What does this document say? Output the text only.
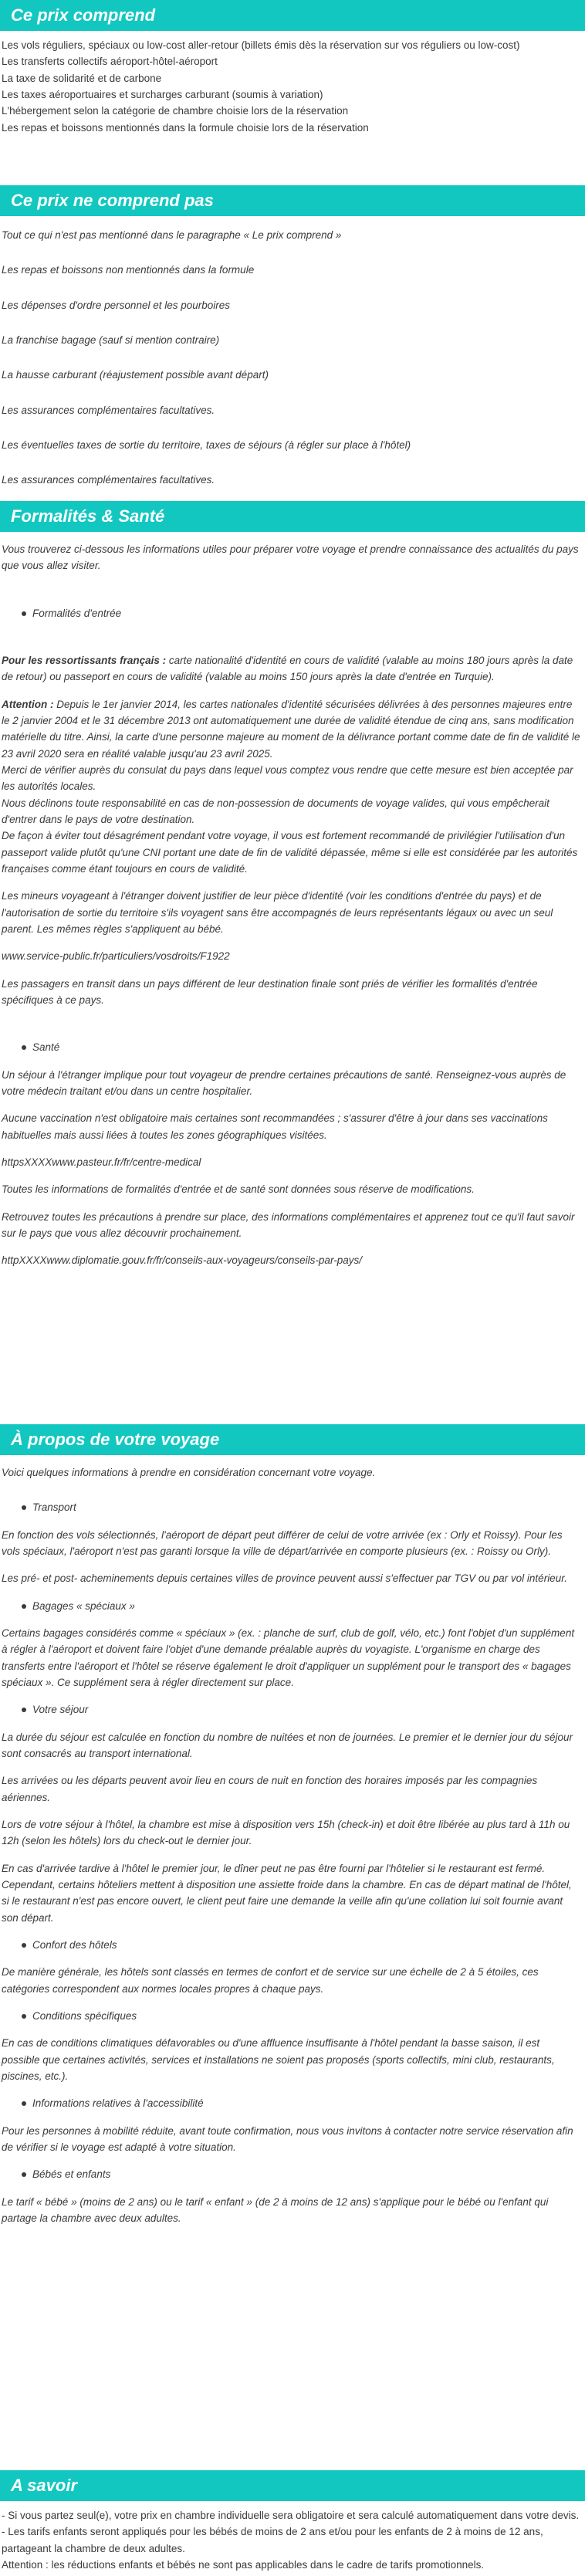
Ce prix comprend

Les vols réguliers, spéciaux ou low-cost aller-retour (billets émis dès la réservation sur vos réguliers ou low-cost)

Les transferts collectifs aéroport-hôtel-aéroport

La taxe de solidarité et de carbone

Les taxes aéroportuaires et surcharges carburant (soumis à variation)

L'hébergement selon la catégorie de chambre choisie lors de la réservation

Les repas et boissons mentionnés dans la formule choisie lors de la réservation

Ce prix ne comprend pas

Tout ce qui n'est pas mentionné dans le paragraphe « Le prix comprend »

Les repas et boissons non mentionnés dans la formule

Les dépenses d'ordre personnel et les pourboires

La franchise bagage (sauf si mention contraire)

La hausse carburant (réajustement possible avant départ)

Les assurances complémentaires facultatives.

Les éventuelles taxes de sortie du territoire, taxes de séjours (à régler sur place à l'hôtel)

Les assurances complémentaires facultatives.

Formalités & Santé

Vous trouverez ci-dessous les informations utiles pour préparer votre voyage et prendre connaissance des actualités du pays que vous allez visiter.

Formalités d'entrée

Pour les ressortissants français : carte nationalité d'identité en cours de validité (valable au moins 180 jours après la date de retour) ou passeport en cours de validité (valable au moins 150 jours après la date d'entrée en Turquie).

Attention : Depuis le 1er janvier 2014, les cartes nationales d'identité sécurisées délivrées à des personnes majeures entre le 2 janvier 2004 et le 31 décembre 2013 ont automatiquement une durée de validité étendue de cinq ans, sans modification matérielle du titre. Ainsi, la carte d'une personne majeure au moment de la délivrance portant comme date de fin de validité le 23 avril 2020 sera en réalité valable jusqu'au 23 avril 2025.

Merci de vérifier auprès du consulat du pays dans lequel vous comptez vous rendre que cette mesure est bien acceptée par les autorités locales.

Nous déclinons toute responsabilité en cas de non-possession de documents de voyage valides, qui vous empêcherait d'entrer dans le pays de votre destination.

De façon à éviter tout désagrément pendant votre voyage, il vous est fortement recommandé de privilégier l'utilisation d'un passeport valide plutôt qu'une CNI portant une date de fin de validité dépassée, même si elle est considérée par les autorités françaises comme étant toujours en cours de validité.

Les mineurs voyageant à l'étranger doivent justifier de leur pièce d'identité (voir les conditions d'entrée du pays) et de l'autorisation de sortie du territoire s'ils voyagent sans être accompagnés de leurs représentants légaux ou avec un seul parent. Les mêmes règles s'appliquent au bébé.

www.service-public.fr/particuliers/vosdroits/F1922

Les passagers en transit dans un pays différent de leur destination finale sont priés de vérifier les formalités d'entrée spécifiques à ce pays.

Santé

Un séjour à l'étranger implique pour tout voyageur de prendre certaines précautions de santé. Renseignez-vous auprès de votre médecin traitant et/ou dans un centre hospitalier.

Aucune vaccination n'est obligatoire mais certaines sont recommandées ; s'assurer d'être à jour dans ses vaccinations habituelles mais aussi liées à toutes les zones géographiques visitées.

httpsXXXXwww.pasteur.fr/fr/centre-medical

Toutes les informations de formalités d'entrée et de santé sont données sous réserve de modifications.

Retrouvez toutes les précautions à prendre sur place, des informations complémentaires et apprenez tout ce qu'il faut savoir sur le pays que vous allez découvrir prochainement.

httpXXXXwww.diplomatie.gouv.fr/fr/conseils-aux-voyageurs/conseils-par-pays/

À propos de votre voyage

Voici quelques informations à prendre en considération concernant votre voyage.

Transport

En fonction des vols sélectionnés, l'aéroport de départ peut différer de celui de votre arrivée (ex : Orly et Roissy). Pour les vols spéciaux, l'aéroport n'est pas garanti lorsque la ville de départ/arrivée en comporte plusieurs (ex. : Roissy ou Orly).

Les pré- et post- acheminements depuis certaines villes de province peuvent aussi s'effectuer par TGV ou par vol intérieur.

Bagages « spéciaux »

Certains bagages considérés comme « spéciaux » (ex. : planche de surf, club de golf, vélo, etc.) font l'objet d'un supplément à régler à l'aéroport et doivent faire l'objet d'une demande préalable auprès du voyagiste. L'organisme en charge des transferts entre l'aéroport et l'hôtel se réserve également le droit d'appliquer un supplément pour le transport des « bagages spéciaux ». Ce supplément sera à régler directement sur place.

Votre séjour

La durée du séjour est calculée en fonction du nombre de nuitées et non de journées. Le premier et le dernier jour du séjour sont consacrés au transport international.

Les arrivées ou les départs peuvent avoir lieu en cours de nuit en fonction des horaires imposés par les compagnies aériennes.

Lors de votre séjour à l'hôtel, la chambre est mise à disposition vers 15h (check-in) et doit être libérée au plus tard à 11h ou 12h (selon les hôtels) lors du check-out le dernier jour.

En cas d'arrivée tardive à l'hôtel le premier jour, le dîner peut ne pas être fourni par l'hôtelier si le restaurant est fermé. Cependant, certains hôteliers mettent à disposition une assiette froide dans la chambre. En cas de départ matinal de l'hôtel, si le restaurant n'est pas encore ouvert, le client peut faire une demande la veille afin qu'une collation lui soit fournie avant son départ.

Confort des hôtels

De manière générale, les hôtels sont classés en termes de confort et de service sur une échelle de 2 à 5 étoiles, ces catégories correspondent aux normes locales propres à chaque pays.

Conditions spécifiques

En cas de conditions climatiques défavorables ou d'une affluence insuffisante à l'hôtel pendant la basse saison, il est possible que certaines activités, services et installations ne soient pas proposés (sports collectifs, mini club, restaurants, piscines, etc.).

Informations relatives à l'accessibilité

Pour les personnes à mobilité réduite, avant toute confirmation, nous vous invitons à contacter notre service réservation afin de vérifier si le voyage est adapté à votre situation.

Bébés et enfants

Le tarif « bébé » (moins de 2 ans) ou le tarif « enfant » (de 2 à moins de 12 ans) s'applique pour le bébé ou l'enfant qui partage la chambre avec deux adultes.

A savoir

- Si vous partez seul(e), votre prix en chambre individuelle sera obligatoire et sera calculé automatiquement dans votre devis.

- Les tarifs enfants seront appliqués pour les bébés de moins de 2 ans et/ou pour les enfants de 2 à moins de 12 ans, partageant la chambre de deux adultes.

Attention : les réductions enfants et bébés ne sont pas applicables dans le cadre de tarifs promotionnels.
